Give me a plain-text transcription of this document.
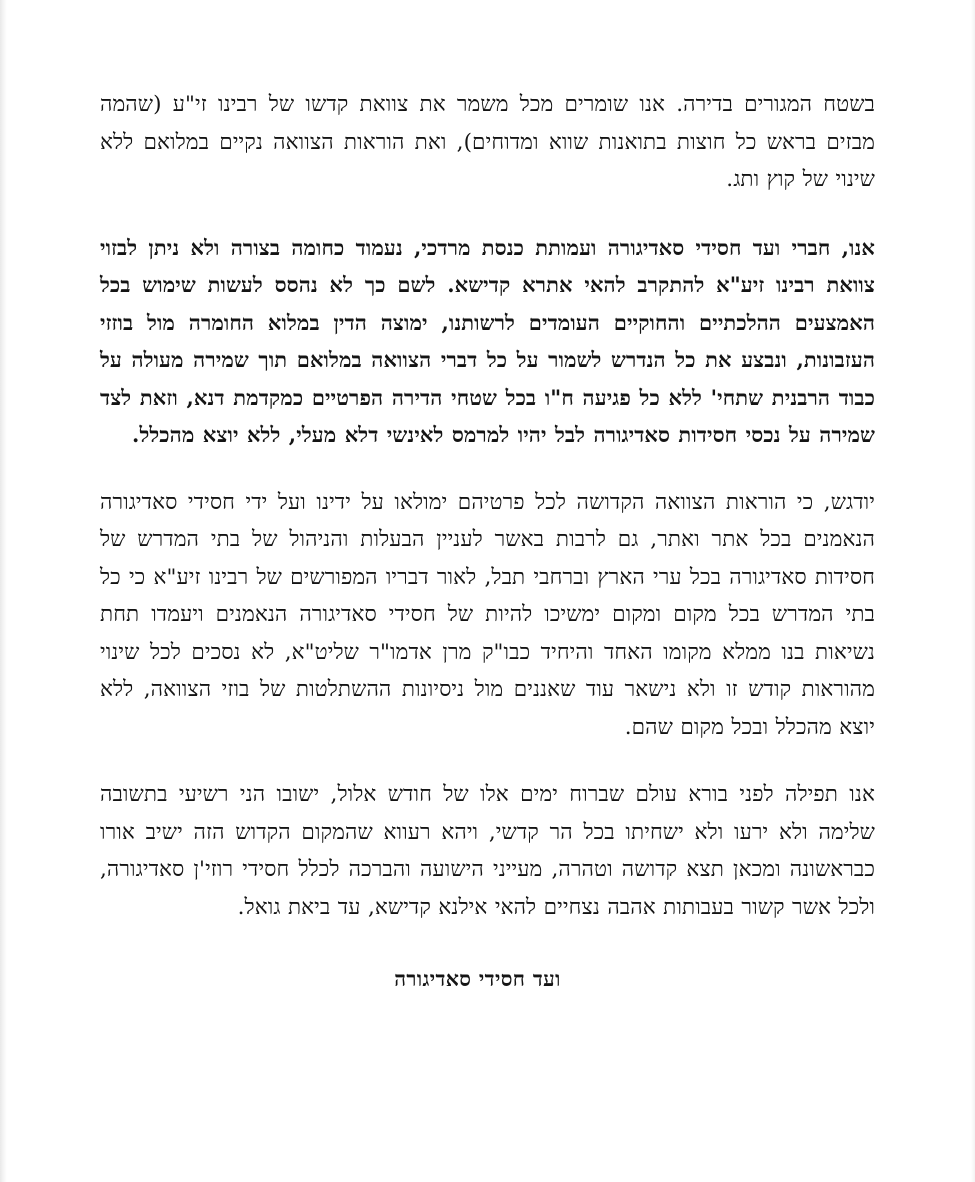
בשטח המגורים בדירה. אנו שומרים מכל משמר את צוואת קדשו של רבינו זי"ע (שהמה מבזים בראש כל חוצות בתואנות שווא ומדוחים), ואת הוראות הצוואה נקיים במלואם ללא שינוי של קוץ ותג.

אנו, חברי ועד חסידי סאדיגורה ועמותת כנסת מרדכי, נעמוד כחומה בצורה ולא ניתן לבזוי צוואת רבינו זיע"א להתקרב להאי אתרא קדישא. לשם כך לא נהסס לעשות שימוש בכל האמצעים ההלכתיים והחוקיים העומדים לרשותנו, ימוצה הדין במלוא החומרה מול בוזזי העזבונות, ונבצע את כל הנדרש לשמור על כל דברי הצוואה במלואם תוך שמירה מעולה על כבוד הרבנית שתחי' ללא כל פגיעה ח"ו בכל שטחי הדירה הפרטיים כמקדמת דנא, וזאת לצד שמירה על נכסי חסידות סאדיגורה לבל יהיו למרמס לאינשי דלא מעלי, ללא יוצא מהכלל.

יודגש, כי הוראות הצוואה הקדושה לכל פרטיהם ימולאו על ידינו ועל ידי חסידי סאדיגורה הנאמנים בכל אתר ואתר, גם לרבות באשר לעניין הבעלות והניהול של בתי המדרש של חסידות סאדיגורה בכל ערי הארץ וברחבי תבל, לאור דבריו המפורשים של רבינו זיע"א כי כל בתי המדרש בכל מקום ומקום ימשיכו להיות של חסידי סאדיגורה הנאמנים ויעמדו תחת נשיאות בנו ממלא מקומו האחד והיחיד כבו"ק מרן אדמו"ר שליט"א, לא נסכים לכל שינוי מהוראות קודש זו ולא נישאר עוד שאננים מול ניסיונות ההשתלטות של בוזי הצוואה, ללא יוצא מהכלל ובכל מקום שהם.

אנו תפילה לפני בורא עולם שברוח ימים אלו של חודש אלול, ישובו הני רשיעי בתשובה שלימה ולא ירעו ולא ישחיתו בכל הר קדשי, ויהא רעווא שהמקום הקדוש הזה ישיב אורו כבראשונה ומכאן תצא קדושה וטהרה, מעייני הישועה והברכה לכלל חסידי רוזי'ן סאדיגורה, ולכל אשר קשור בעבותות אהבה נצחיים להאי אילנא קדישא, עד ביאת גואל.

ועד חסידי סאדיגורה
